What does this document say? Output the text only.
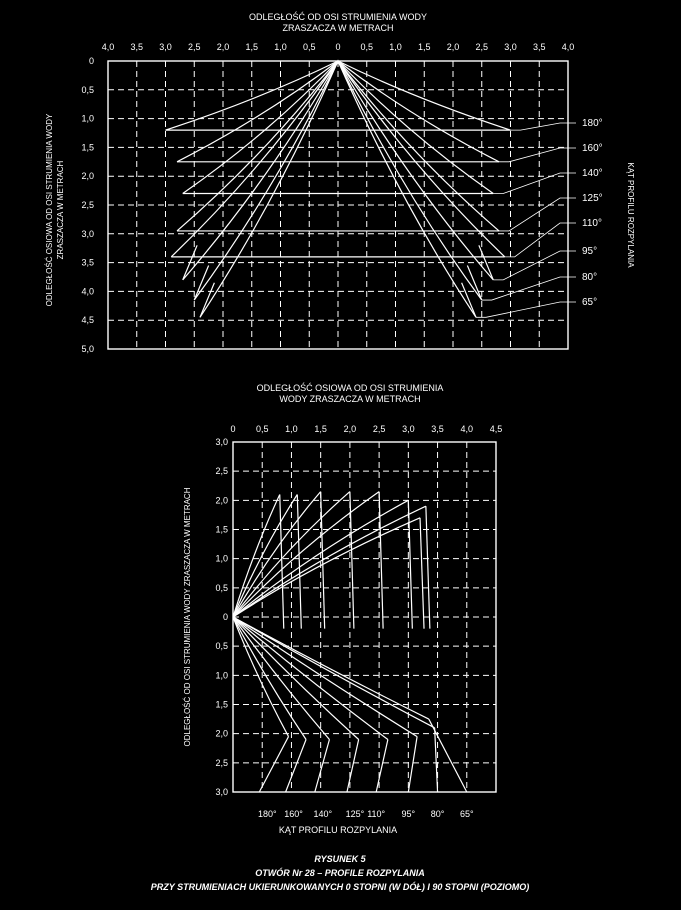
180°
160°
140°
125°
110°
95°
80°
65°
4,0 3,5 3,0 2,5 2,0 1,5 1,0 0,5 0 0,5 1,0 1,5 2,0 2,5 3,0 3,5 4,0
0
0,5
1,0
1,5
2,0
2,5
3,0
3,5
4,0
4,5
5,0
ODLEGŁOŚĆ OD OSI STRUMIENIA WODY
ZRASZACZA W METRACH
ODLEGŁOŚĆ OSIOWA OD OSI STRUMIENIA WODY ZRASZACZA W METRACH	KĄT PROFILU ROZPYLANIA
0 0,5 1,0 1,5 2,0 2,5 3,0 3,5 4,0 4,5
3,0
2,5
2,0
1,5
1,0
0,5
0
0,5
1,0
1,5
2,0
2,5
3,0
180° 160° 140° 125° 110° 95° 80° 65°
ODLEGŁOŚĆ OSIOWA OD OSI STRUMIENIA
WODY ZRASZACZA W METRACH
ODLEGŁOŚĆ OD OSI STRUMIENIA WODY ZRASZACZA W METRACH
KĄT PROFILU ROZPYLANIA
RYSUNEK 5
OTWÓR Nr 28 – PROFILE ROZPYLANIA
PRZY STRUMIENIACH UKIERUNKOWANYCH 0 STOPNI (W DÓŁ) I 90 STOPNI (POZIOMO)
